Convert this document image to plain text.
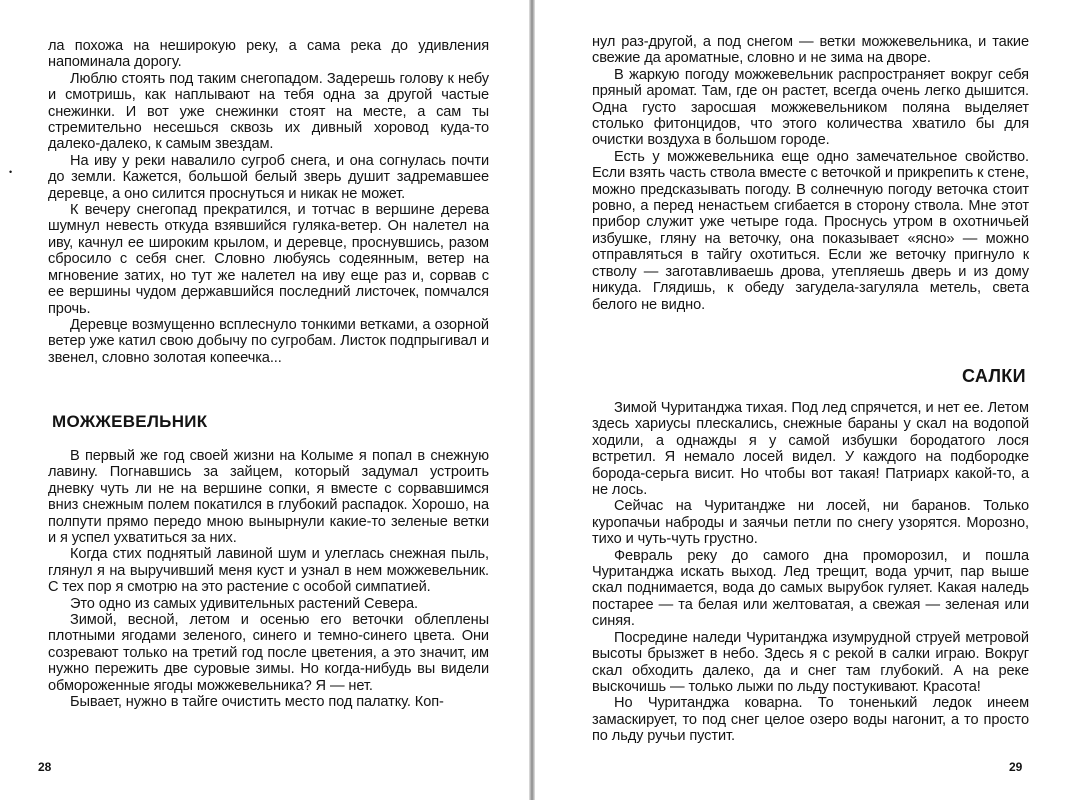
•

ла похожа на неширокую реку, а сама река до удивления напоминала дорогу.

Люблю стоять под таким снегопадом. Задерешь голову к небу и смотришь, как наплывают на тебя одна за другой частые снежинки. И вот уже снежинки стоят на месте, а сам ты стремительно несешься сквозь их дивный хоровод куда-то далеко-далеко, к самым звездам.

На иву у реки навалило сугроб снега, и она согнулась почти до земли. Кажется, большой белый зверь душит задремавшее деревце, а оно силится проснуться и никак не может.

К вечеру снегопад прекратился, и тотчас в вершине дерева шумнул невесть откуда взявшийся гуляка-ветер. Он налетел на иву, качнул ее широким крылом, и деревце, проснувшись, разом сбросило с себя снег. Словно любуясь содеянным, ветер на мгновение затих, но тут же налетел на иву еще раз и, сорвав с ее вершины чудом державшийся последний листочек, помчался прочь.

Деревце возмущенно всплеснуло тонкими ветками, а озорной ветер уже катил свою добычу по сугробам. Листок подпрыгивал и звенел, словно золотая копеечка...

МОЖЖЕВЕЛЬНИК

В первый же год своей жизни на Колыме я попал в снежную лавину. Погнавшись за зайцем, который задумал устроить дневку чуть ли не на вершине сопки, я вместе с сорвавшимся вниз снежным полем покатился в глубокий распадок. Хорошо, на полпути прямо передо мною вынырнули какие-то зеленые ветки и я успел ухватиться за них.

Когда стих поднятый лавиной шум и улеглась снежная пыль, глянул я на выручивший меня куст и узнал в нем можжевельник. С тех пор я смотрю на это растение с особой симпатией.

Это одно из самых удивительных растений Севера.

Зимой, весной, летом и осенью его веточки облеплены плотными ягодами зеленого, синего и темно-синего цвета. Они созревают только на третий год после цветения, а это значит, им нужно пережить две суровые зимы. Но когда-нибудь вы видели обмороженные ягоды можжевельника? Я — нет.

Бывает, нужно в тайге очистить место под палатку. Коп-

28

нул раз-другой, а под снегом — ветки можжевельника, и такие свежие да ароматные, словно и не зима на дворе.

В жаркую погоду можжевельник распространяет вокруг себя пряный аромат. Там, где он растет, всегда очень легко дышится. Одна густо заросшая можжевельником поляна выделяет столько фитонцидов, что этого количества хватило бы для очистки воздуха в большом городе.

Есть у можжевельника еще одно замечательное свойство. Если взять часть ствола вместе с веточкой и прикрепить к стене, можно предсказывать погоду. В солнечную погоду веточка стоит ровно, а перед ненастьем сгибается в сторону ствола. Мне этот прибор служит уже четыре года. Проснусь утром в охотничьей избушке, гляну на веточку, она показывает «ясно» — можно отправляться в тайгу охотиться. Если же веточку пригнуло к стволу — заготавливаешь дрова, утепляешь дверь и из дому никуда. Глядишь, к обеду загудела-загуляла метель, света белого не видно.

САЛКИ

Зимой Чуританджа тихая. Под лед спрячется, и нет ее. Летом здесь хариусы плескались, снежные бараны у скал на водопой ходили, а однажды я у самой избушки бородатого лося встретил. Я немало лосей видел. У каждого на подбородке борода-серьга висит. Но чтобы вот такая! Патриарх какой-то, а не лось.

Сейчас на Чуританджe ни лосей, ни баранов. Только куропачьи наброды и заячьи петли по снегу узорятся. Морозно, тихо и чуть-чуть грустно.

Февраль реку до самого дна проморозил, и пошла Чуританджа искать выход. Лед трещит, вода урчит, пар выше скал поднимается, вода до самых вырубок гуляет. Какая наледь постарее — та белая или желтоватая, а свежая — зеленая или синяя.

Посредине наледи Чуританджа изумрудной струей метровой высоты брызжет в небо. Здесь я с рекой в салки играю. Вокруг скал обходить далеко, да и снег там глубокий. А на реке выскочишь — только лыжи по льду постукивают. Красота!

Но Чуританджа коварна. То тоненький ледок инеем замаскирует, то под снег целое озеро воды нагонит, а то просто по льду ручьи пустит.

29
